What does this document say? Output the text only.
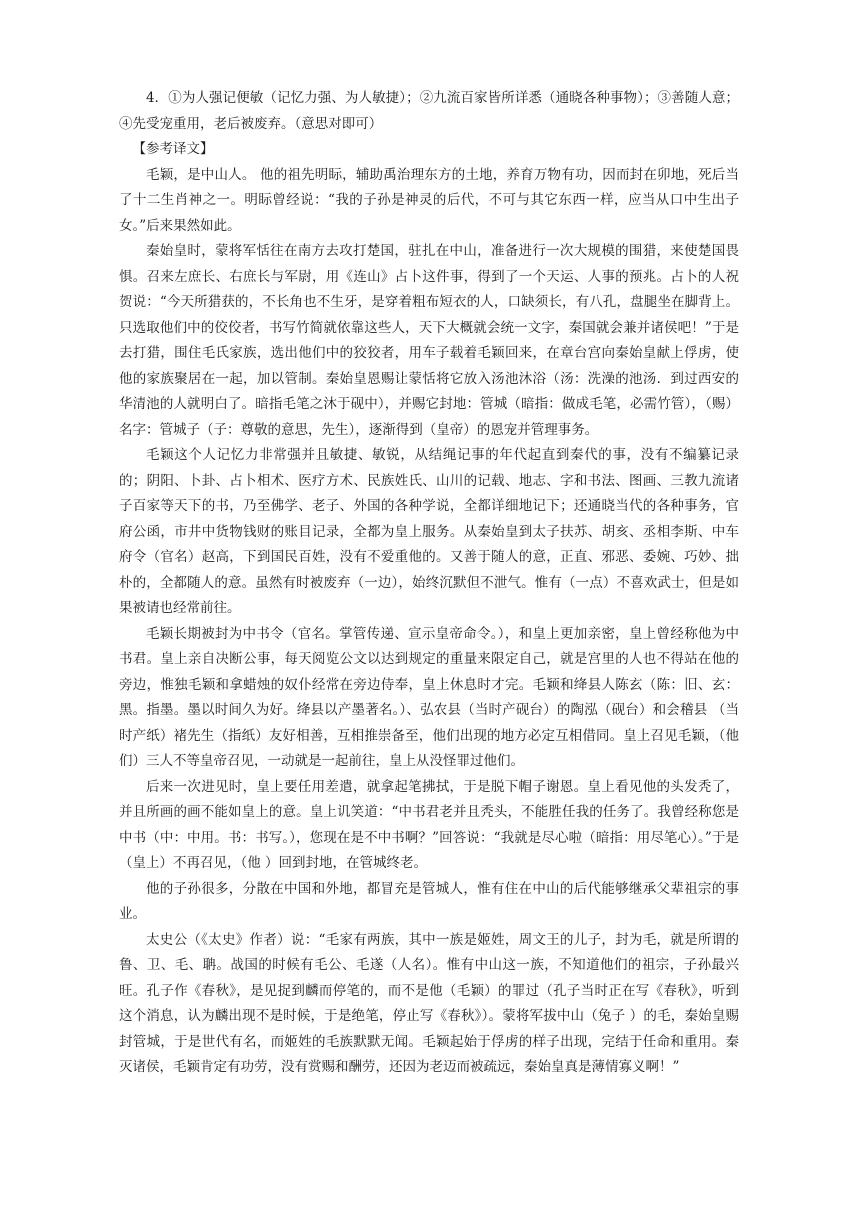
4．①为人强记便敏（记忆力强、为人敏捷）；②九流百家皆所详悉（通晓各种事物）；③善随人意；④先受宠重用，老后被废弃。（意思对即可）

【参考译文】

毛颖，是中山人。 他的祖先明眎，辅助禹治理东方的土地，养育万物有功，因而封在卯地，死后当了十二生肖神之一。明眎曾经说：“我的子孙是神灵的后代，不可与其它东西一样，应当从口中生出子女。”后来果然如此。

秦始皇时，蒙将军恬往在南方去攻打楚国，驻扎在中山，准备进行一次大规模的围猎，来使楚国畏惧。召来左庶长、右庶长与军尉，用《连山》占卜这件事，得到了一个天运、人事的预兆。占卜的人祝贺说：“今天所猎获的，不长角也不生牙，是穿着粗布短衣的人，口缺须长，有八孔，盘腿坐在脚背上。只选取他们中的佼佼者，书写竹简就依靠这些人，天下大概就会统一文字，秦国就会兼并诸侯吧！”于是去打猎，围住毛氏家族，选出他们中的狡狡者，用车子载着毛颖回来，在章台宫向秦始皇献上俘虏，使他的家族聚居在一起，加以管制。秦始皇恩赐让蒙恬将它放入汤池沐浴（汤：洗澡的池汤．到过西安的华清池的人就明白了。暗指毛笔之沐于砚中），并赐它封地：管城（暗指：做成毛笔，必需竹管），（赐）名字：管城子（子：尊敬的意思，先生），逐渐得到（皇帝）的恩宠并管理事务。

毛颖这个人记忆力非常强并且敏捷、敏锐，从结绳记事的年代起直到秦代的事，没有不编纂记录的；阴阳、卜卦、占卜相术、医疗方术、民族姓氏、山川的记载、地志、字和书法、图画、三教九流诸子百家等天下的书，乃至佛学、老子、外国的各种学说，全都详细地记下；还通晓当代的各种事务，官府公函，市井中货物钱财的账目记录，全都为皇上服务。从秦始皇到太子扶苏、胡亥、丞相李斯、中车府令（官名）赵高，下到国民百姓，没有不爱重他的。又善于随人的意，正直、邪恶、委婉、巧妙、拙朴的，全都随人的意。虽然有时被废弃（一边），始终沉默但不泄气。惟有（一点）不喜欢武士，但是如果被请也经常前往。

毛颖长期被封为中书令（官名。掌管传递、宣示皇帝命令。），和皇上更加亲密，皇上曾经称他为中书君。皇上亲自决断公事，每天阅览公文以达到规定的重量来限定自己，就是宫里的人也不得站在他的旁边，惟独毛颖和拿蜡烛的奴仆经常在旁边侍奉，皇上休息时才完。毛颖和绛县人陈玄（陈：旧、玄：黑。指墨。墨以时间久为好。绛县以产墨著名。）、弘农县（当时产砚台）的陶泓（砚台）和会稽县 （当时产纸）褚先生（指纸）友好相善，互相推崇备至，他们出现的地方必定互相借同。皇上召见毛颖，（他们）三人不等皇帝召见，一动就是一起前往，皇上从没怪罪过他们。

后来一次进见时，皇上要任用差遣，就拿起笔拂拭，于是脱下帽子谢恩。皇上看见他的头发秃了，并且所画的画不能如皇上的意。皇上讥笑道：“中书君老并且秃头，不能胜任我的任务了。我曾经称您是中书（中：中用。书：书写。），您现在是不中书啊？”回答说：“我就是尽心啦（暗指：用尽笔心）。”于是（皇上）不再召见，（他 ）回到封地，在管城终老。

他的子孙很多，分散在中国和外地，都冒充是管城人，惟有住在中山的后代能够继承父辈祖宗的事业。

太史公（《太史》作者）说：“毛家有两族，其中一族是姬姓，周文王的儿子，封为毛，就是所谓的鲁、卫、毛、聃。战国的时候有毛公、毛遂（人名）。惟有中山这一族，不知道他们的祖宗，子孙最兴旺。孔子作《春秋》，是见捉到麟而停笔的，而不是他（毛颖）的罪过（孔子当时正在写《春秋》，听到这个消息，认为麟出现不是时候，于是绝笔，停止写《春秋》）。蒙将军拔中山（兔子 ）的毛，秦始皇赐封管城，于是世代有名，而姬姓的毛族默默无闻。毛颖起始于俘虏的样子出现，完结于任命和重用。秦灭诸侯，毛颖肯定有功劳，没有赏赐和酬劳，还因为老迈而被疏远，秦始皇真是薄情寡义啊！”
